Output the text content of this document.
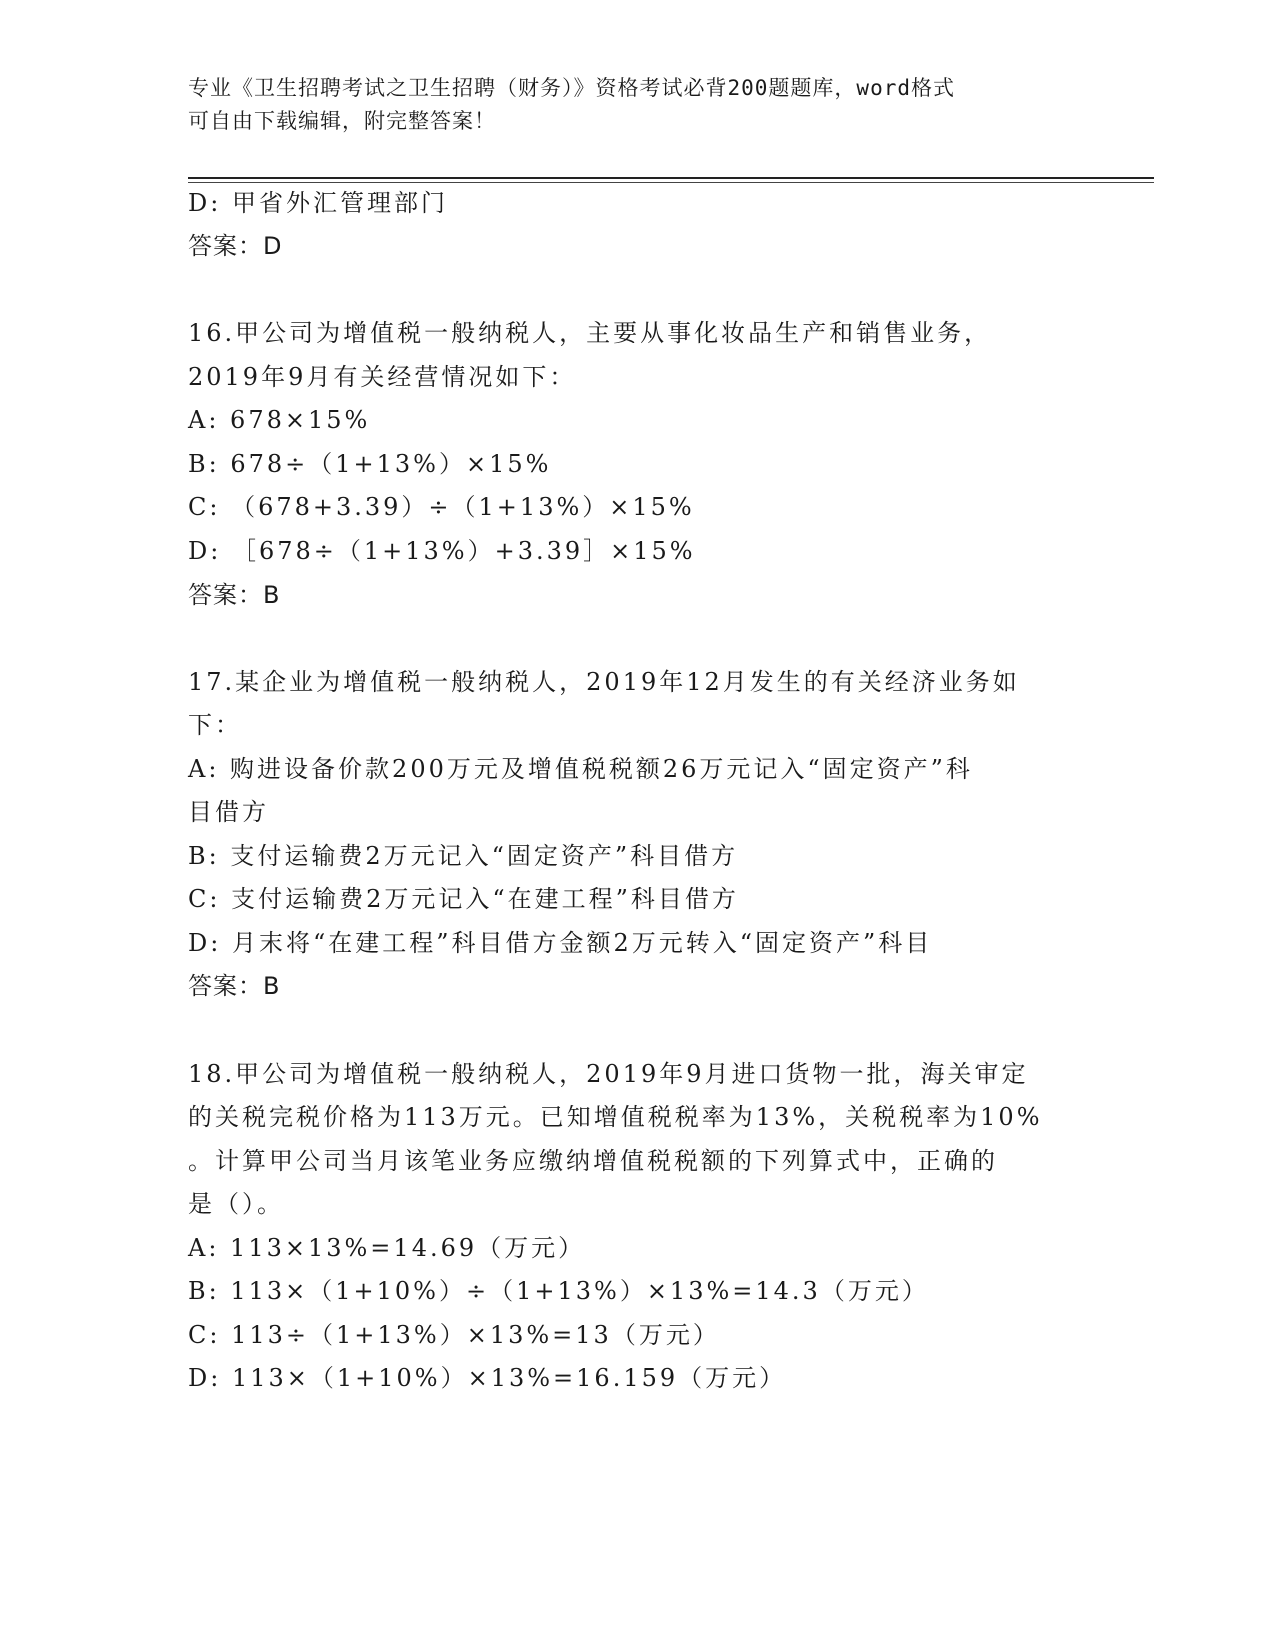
专业《卫生招聘考试之卫生招聘（财务）》资格考试必背200题题库，word格式
可自由下载编辑，附完整答案！
D: 甲省外汇管理部门
答案：D
16.甲公司为增值税一般纳税人，主要从事化妆品生产和销售业务，
2019年9月有关经营情况如下：
A: 678×15%
B: 678÷（1+13%）×15%
C: （678+3.39）÷（1+13%）×15%
D: ［678÷（1+13%）+3.39］×15%
答案：B
17.某企业为增值税一般纳税人，2019年12月发生的有关经济业务如
下：
A: 购进设备价款200万元及增值税税额26万元记入“固定资产”科
目借方
B: 支付运输费2万元记入“固定资产”科目借方
C: 支付运输费2万元记入“在建工程”科目借方
D: 月末将“在建工程”科目借方金额2万元转入“固定资产”科目
答案：B
18.甲公司为增值税一般纳税人，2019年9月进口货物一批，海关审定
的关税完税价格为113万元。已知增值税税率为13%，关税税率为10%
。计算甲公司当月该笔业务应缴纳增值税税额的下列算式中，正确的
是（）。
A: 113×13%=14.69（万元）
B: 113×（1+10%）÷（1+13%）×13%=14.3（万元）
C: 113÷（1+13%）×13%=13（万元）
D: 113×（1+10%）×13%=16.159（万元）
